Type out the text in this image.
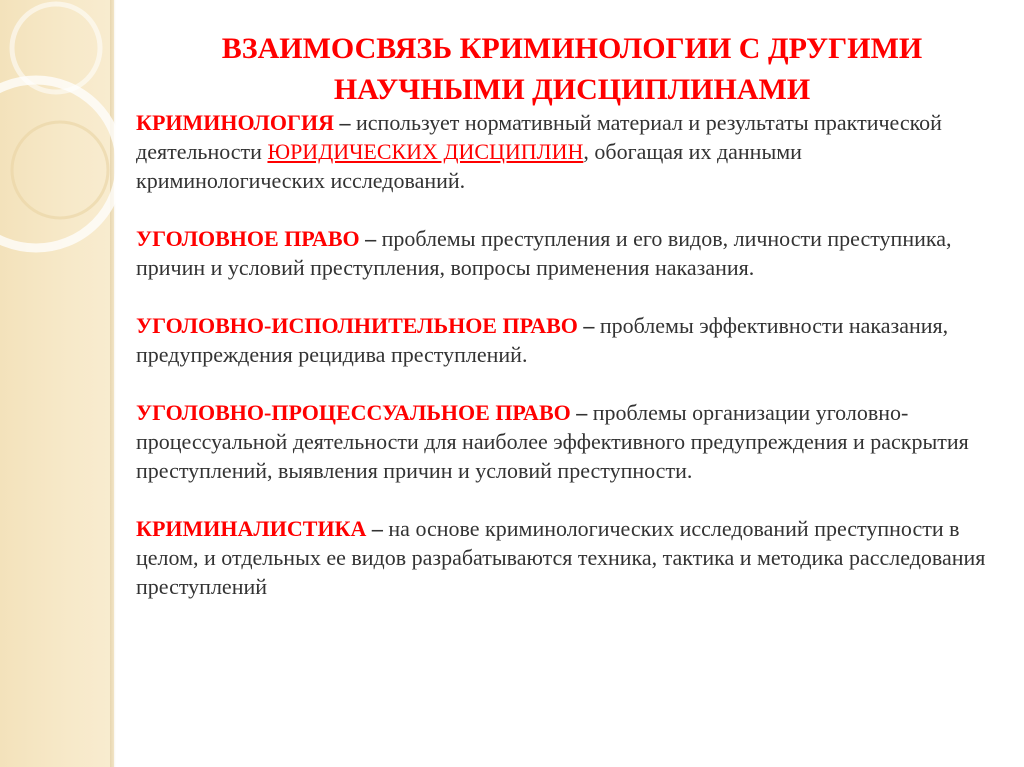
ВЗАИМОСВЯЗЬ КРИМИНОЛОГИИ С ДРУГИМИ
НАУЧНЫМИ ДИСЦИПЛИНАМИ

КРИМИНОЛОГИЯ – использует нормативный материал и результаты практической деятельности ЮРИДИЧЕСКИХ ДИСЦИПЛИН, обогащая их данными криминологических исследований.

УГОЛОВНОЕ ПРАВО – проблемы преступления и его видов, личности преступника, причин и условий преступления, вопросы применения наказания.

УГОЛОВНО-ИСПОЛНИТЕЛЬНОЕ ПРАВО – проблемы эффективности наказания, предупреждения рецидива преступлений.

УГОЛОВНО-ПРОЦЕССУАЛЬНОЕ ПРАВО – проблемы организации уголовно-процессуальной деятельности для наиболее эффективного предупреждения и раскрытия преступлений, выявления причин и условий преступности.

КРИМИНАЛИСТИКА – на основе криминологических исследований преступности в целом, и отдельных ее видов разрабатываются техника, тактика и методика расследования преступлений
